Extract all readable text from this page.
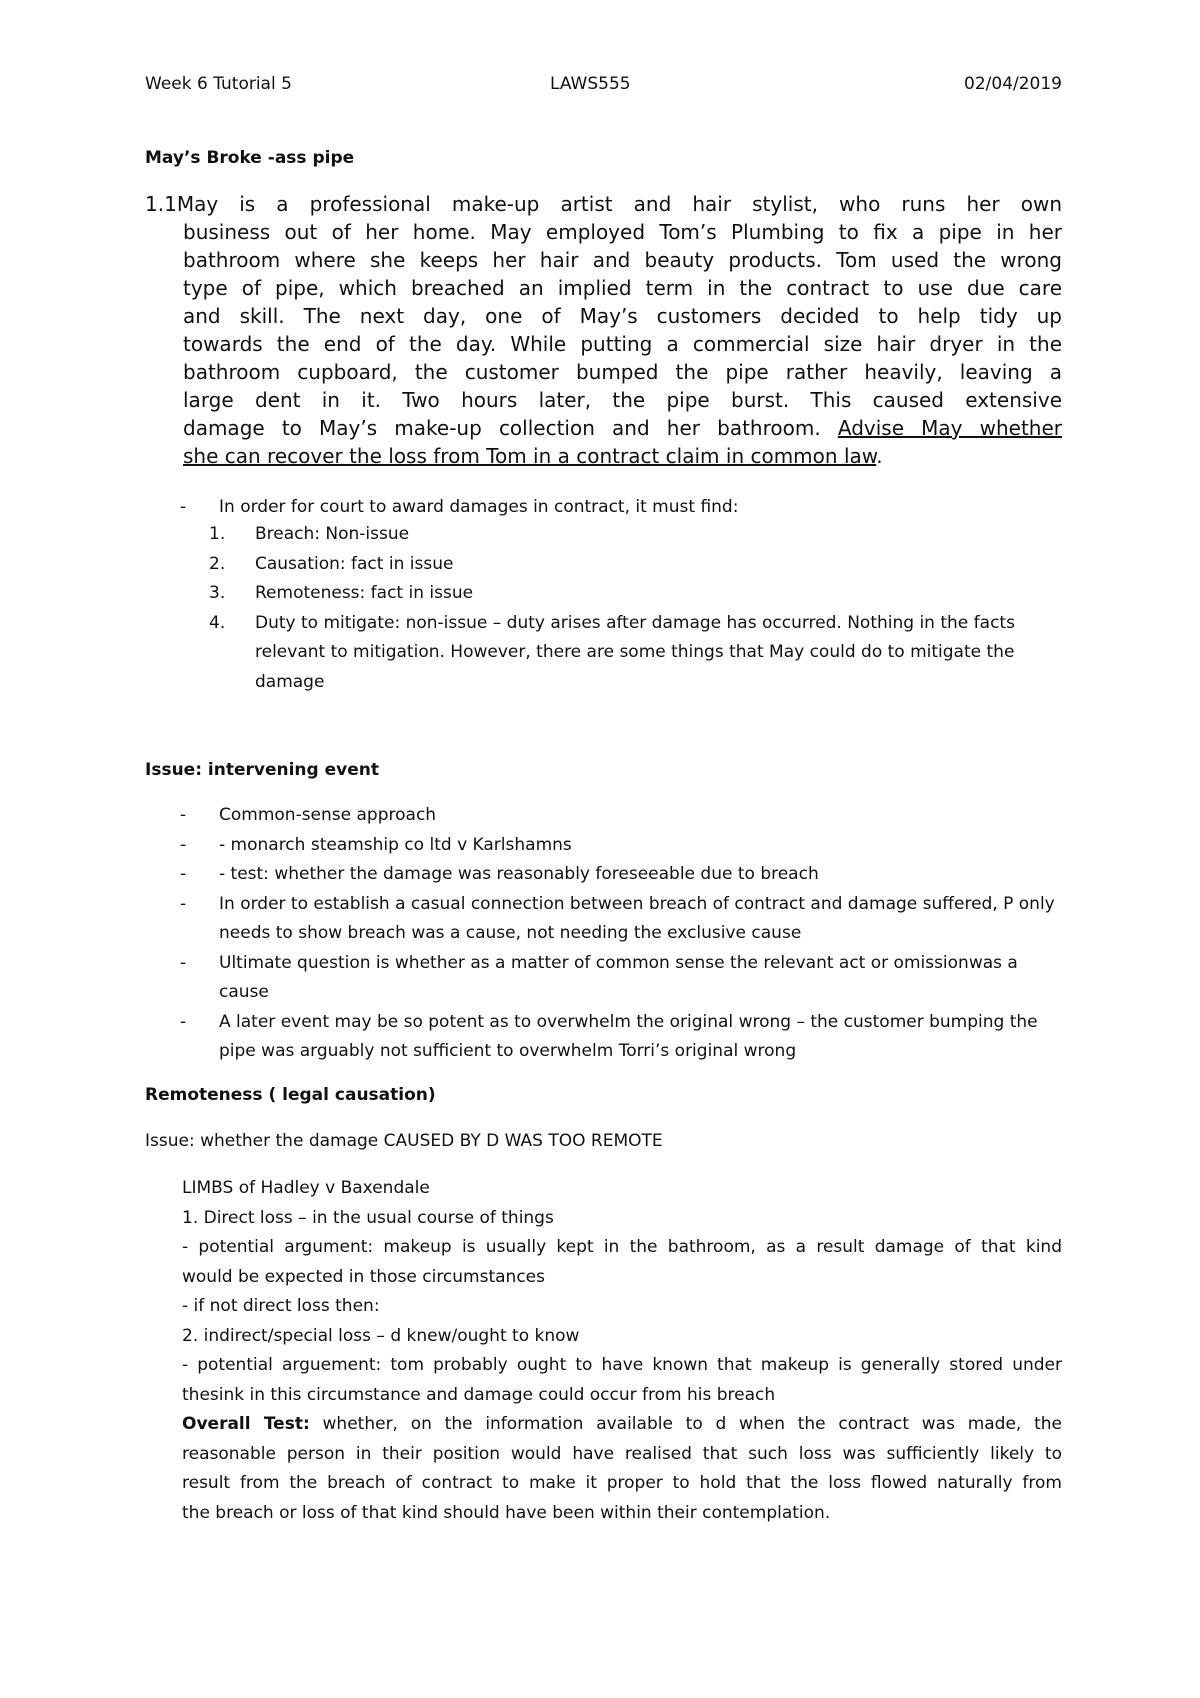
Week 6 Tutorial 5	LAWS555	02/04/2019
May’s Broke -ass pipe
1.1May is a professional make-up artist and hair stylist, who runs her own
business out of her home. May employed Tom’s Plumbing to fix a pipe in her
bathroom where she keeps her hair and beauty products. Tom used the wrong
type of pipe, which breached an implied term in the contract to use due care
and skill. The next day, one of May’s customers decided to help tidy up
towards the end of the day. While putting a commercial size hair dryer in the
bathroom cupboard, the customer bumped the pipe rather heavily, leaving a
large dent in it. Two hours later, the pipe burst. This caused extensive
damage to May’s make-up collection and her bathroom. Advise May whether
she can recover the loss from Tom in a contract claim in common law.
- In order for court to award damages in contract, it must find:
1.	Breach: Non-issue
2.	Causation: fact in issue
3.	Remoteness: fact in issue
4.	Duty to mitigate: non-issue – duty arises after damage has occurred. Nothing in the facts relevant to mitigation. However, there are some things that May could do to mitigate the damage
Issue: intervening event
- Common-sense approach
- - monarch steamship co ltd v Karlshamns
- - test: whether the damage was reasonably foreseeable due to breach
- In order to establish a casual connection between breach of contract and damage suffered, P only needs to show breach was a cause, not needing the exclusive cause
- Ultimate question is whether as a matter of common sense the relevant act or omissionwas a cause
- A later event may be so potent as to overwhelm the original wrong – the customer bumping the pipe was arguably not sufficient to overwhelm Torri’s original wrong
Remoteness ( legal causation)
Issue: whether the damage CAUSED BY D WAS TOO REMOTE
LIMBS of Hadley v Baxendale
1. Direct loss – in the usual course of things
- potential argument: makeup is usually kept in the bathroom, as a result damage of that kind
would be expected in those circumstances
- if not direct loss then:
2. indirect/special loss – d knew/ought to know
- potential arguement: tom probably ought to have known that makeup is generally stored under
thesink in this circumstance and damage could occur from his breach
Overall Test: whether, on the information available to d when the contract was made, the
reasonable person in their position would have realised that such loss was sufficiently likely to
result from the breach of contract to make it proper to hold that the loss flowed naturally from
the breach or loss of that kind should have been within their contemplation.
